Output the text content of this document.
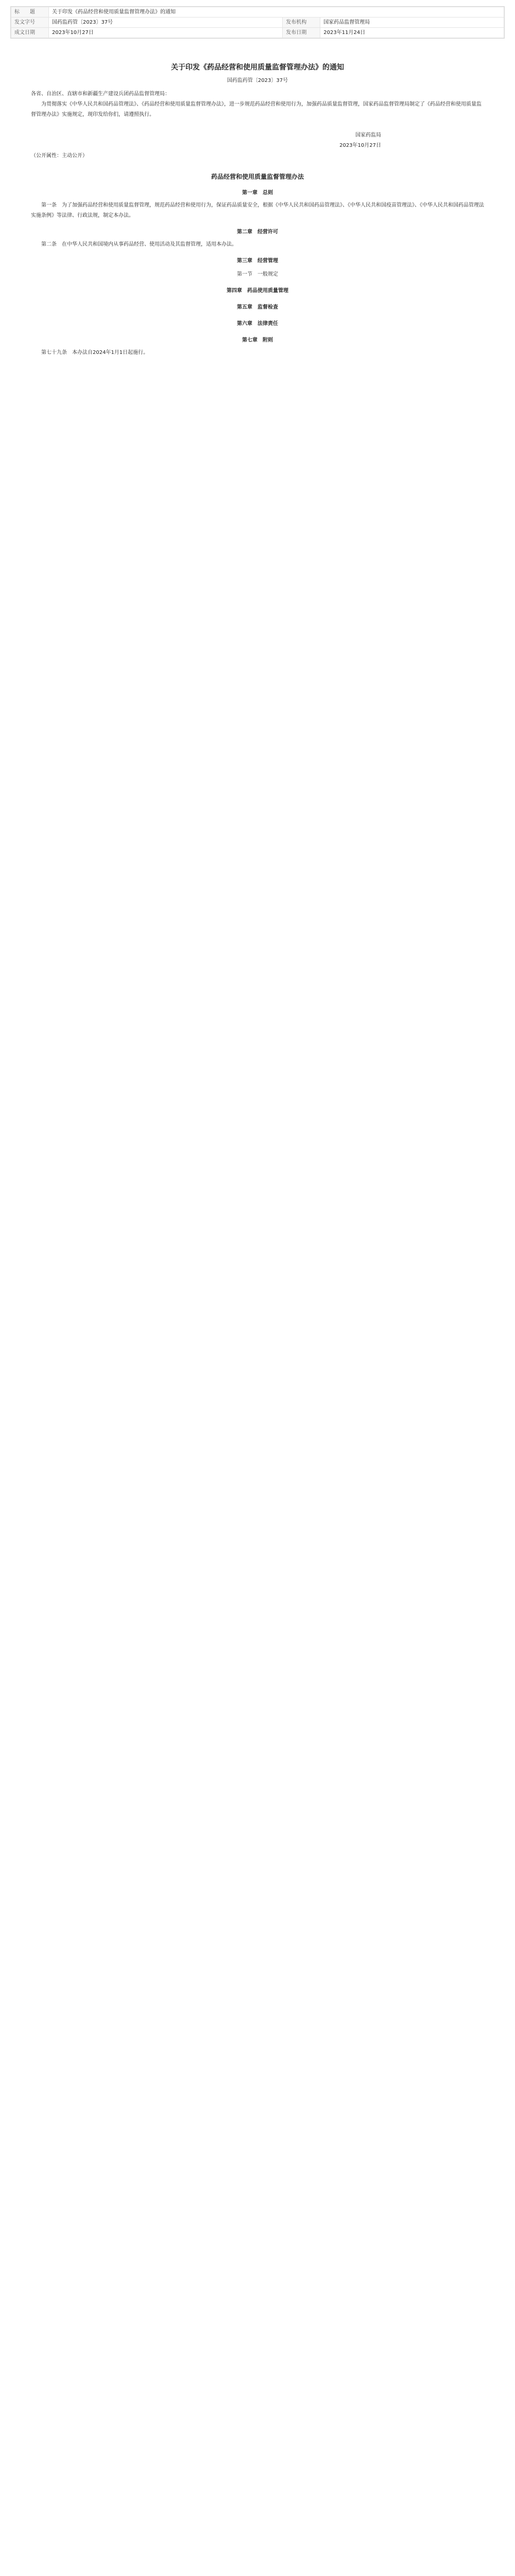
标　　题	关于印发《药品经营和使用质量监督管理办法》的通知		
发文字号	国药监药管〔2023〕37号	发布机构	国家药品监督管理局
成文日期	2023年10月27日	发布日期	2023年11月24日
关于印发《药品经营和使用质量监督管理办法》的通知
国药监药管〔2023〕37号

各省、自治区、直辖市和新疆生产建设兵团药品监督管理局：

为贯彻落实《中华人民共和国药品管理法》、《药品经营和使用质量监督管理办法》，进一步规范药品经营和使用行为，加强药品质量监督管理，国家药品监督管理局制定了《药品经营和使用质量监督管理办法》实施规定，现印发给你们，请遵照执行。

国家药监局
2023年10月27日

（公开属性：主动公开）

药品经营和使用质量监督管理办法
第一章　总则

第一条　为了加强药品经营和使用质量监督管理，规范药品经营和使用行为，保证药品质量安全，根据《中华人民共和国药品管理法》、《中华人民共和国疫苗管理法》、《中华人民共和国药品管理法实施条例》等法律、行政法规，制定本办法。

第二章　经营许可

第二条　在中华人民共和国境内从事药品经营、使用活动及其监督管理，适用本办法。

第三章　经营管理
第一节　一般规定
第四章　药品使用质量管理
第五章　监督检查
第六章　法律责任
第七章　附则

第七十九条　本办法自2024年1月1日起施行。
